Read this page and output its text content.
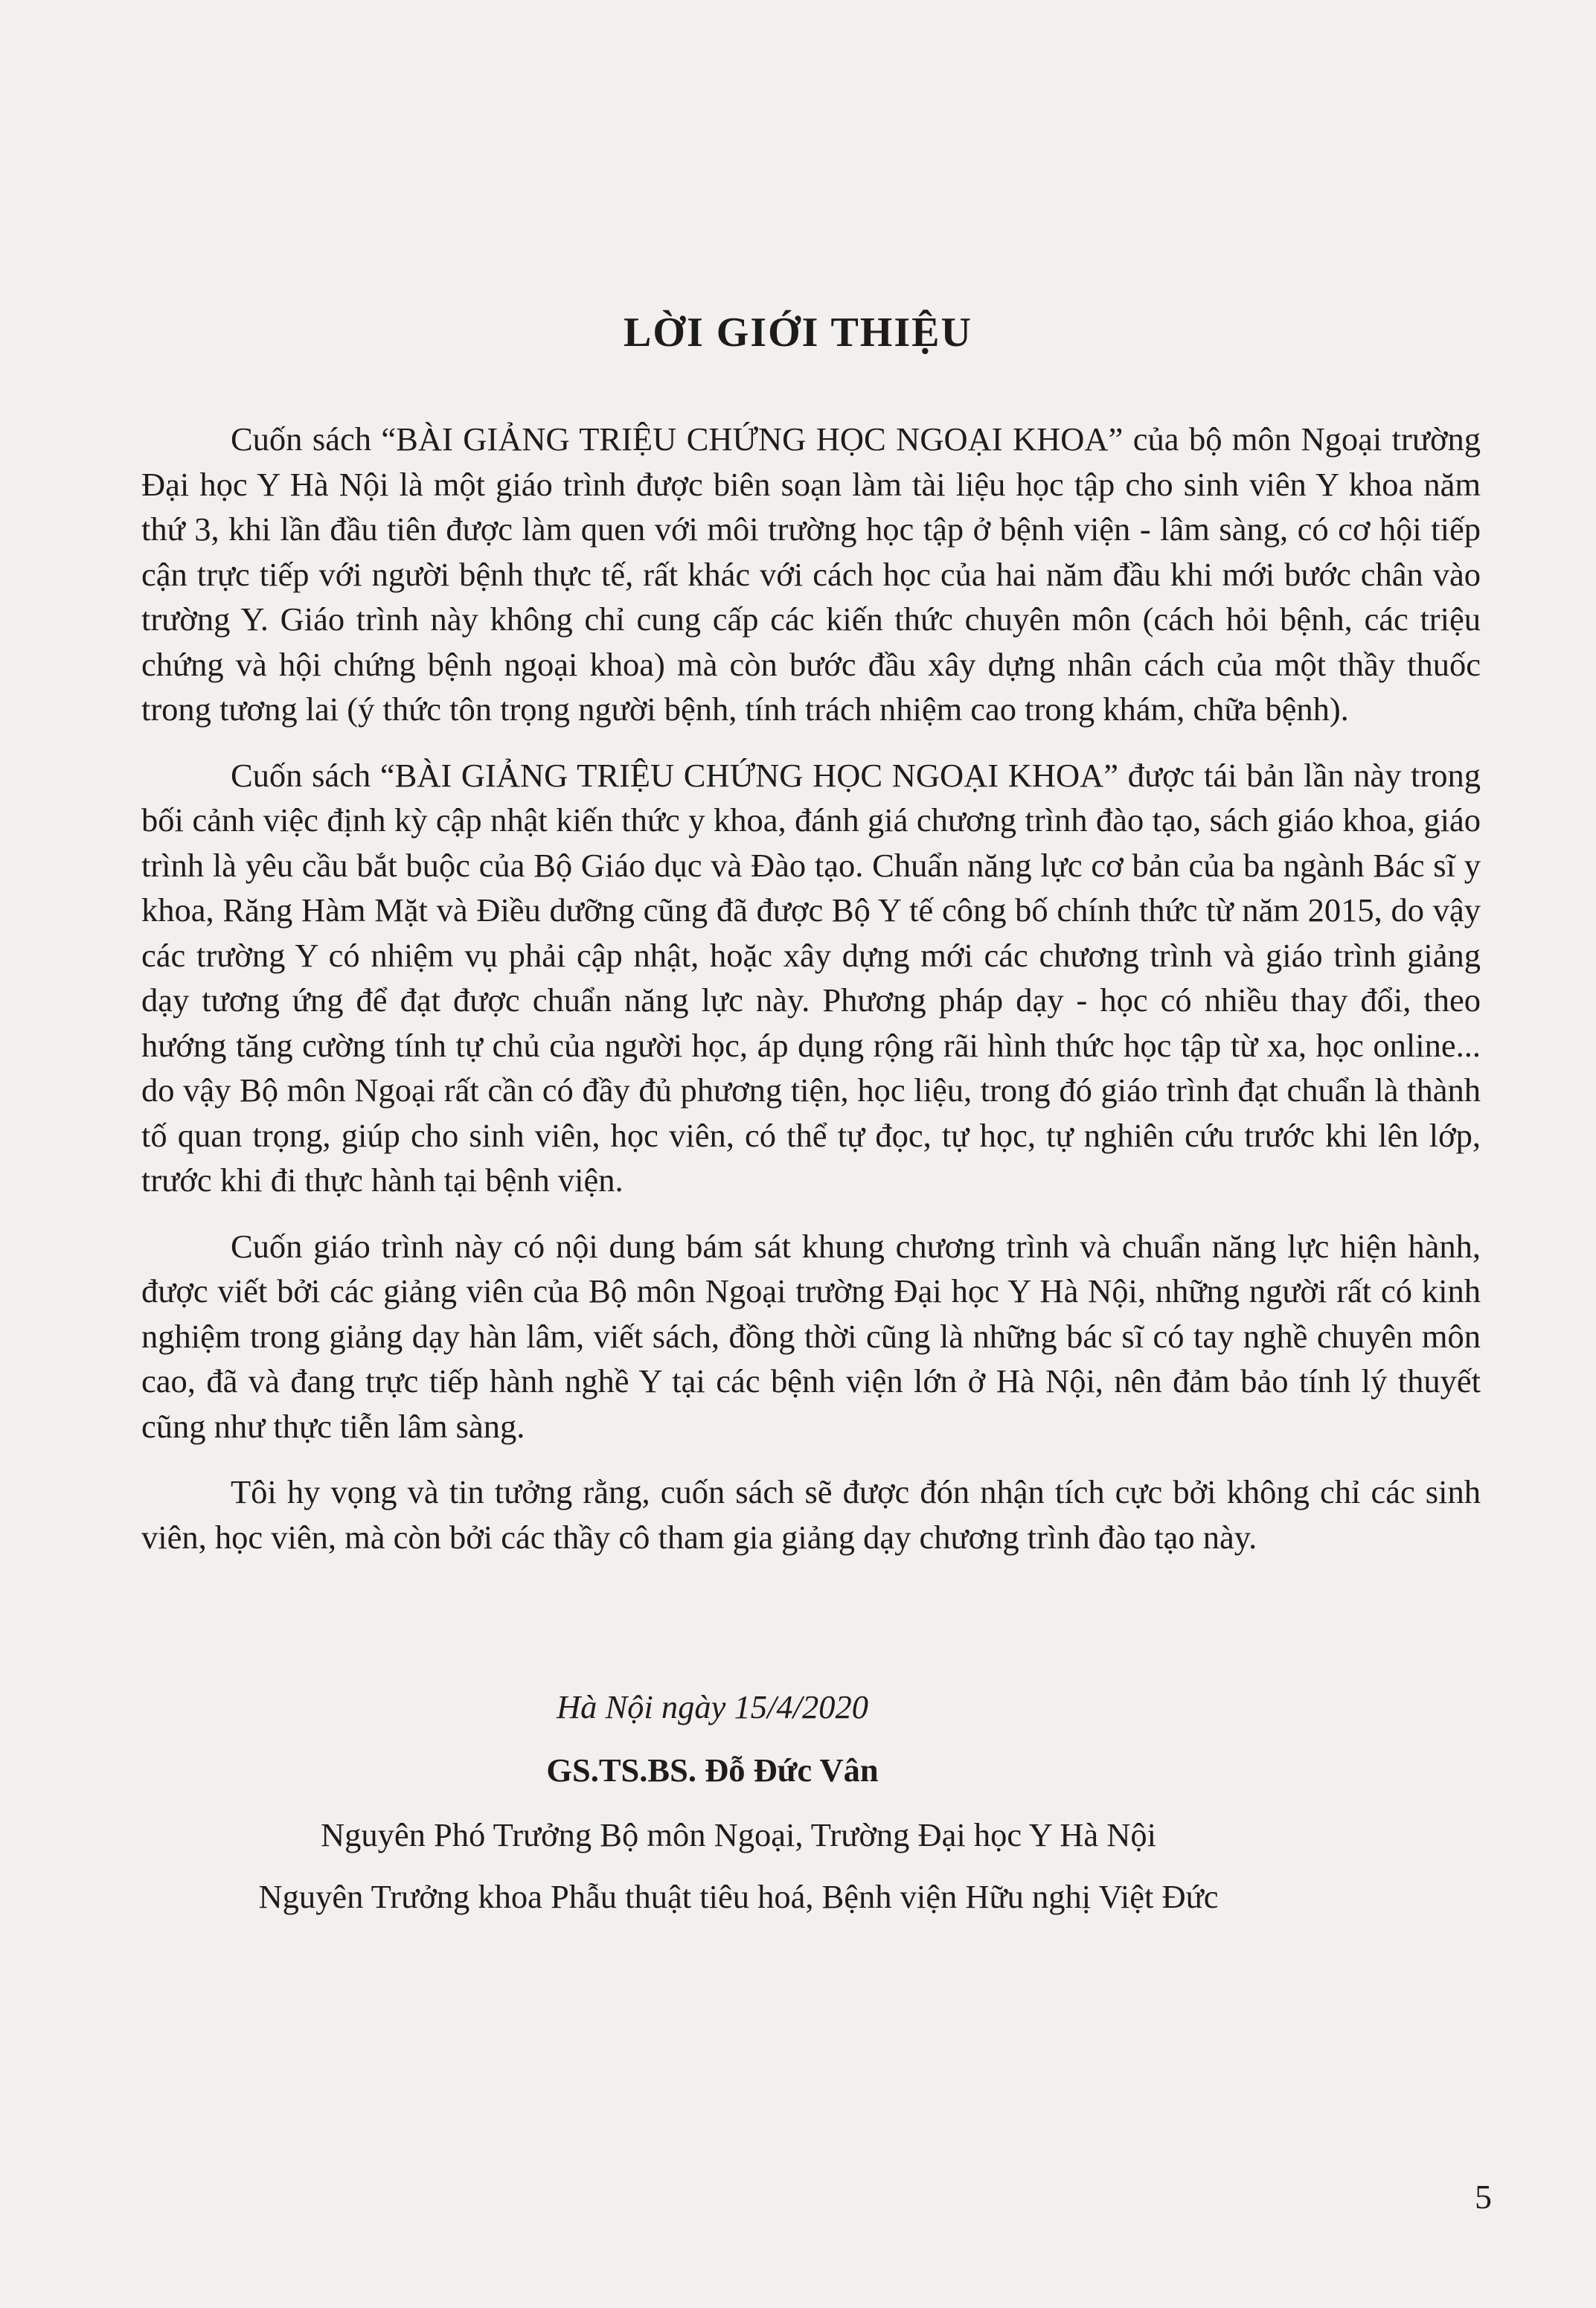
LỜI GIỚI THIỆU

Cuốn sách “BÀI GIẢNG TRIỆU CHỨNG HỌC NGOẠI KHOA” của bộ môn Ngoại trường Đại học Y Hà Nội là một giáo trình được biên soạn làm tài liệu học tập cho sinh viên Y khoa năm thứ 3, khi lần đầu tiên được làm quen với môi trường học tập ở bệnh viện - lâm sàng, có cơ hội tiếp cận trực tiếp với người bệnh thực tế, rất khác với cách học của hai năm đầu khi mới bước chân vào trường Y. Giáo trình này không chỉ cung cấp các kiến thức chuyên môn (cách hỏi bệnh, các triệu chứng và hội chứng bệnh ngoại khoa) mà còn bước đầu xây dựng nhân cách của một thầy thuốc trong tương lai (ý thức tôn trọng người bệnh, tính trách nhiệm cao trong khám, chữa bệnh).

Cuốn sách “BÀI GIẢNG TRIỆU CHỨNG HỌC NGOẠI KHOA” được tái bản lần này trong bối cảnh việc định kỳ cập nhật kiến thức y khoa, đánh giá chương trình đào tạo, sách giáo khoa, giáo trình là yêu cầu bắt buộc của Bộ Giáo dục và Đào tạo. Chuẩn năng lực cơ bản của ba ngành Bác sĩ y khoa, Răng Hàm Mặt và Điều dưỡng cũng đã được Bộ Y tế công bố chính thức từ năm 2015, do vậy các trường Y có nhiệm vụ phải cập nhật, hoặc xây dựng mới các chương trình và giáo trình giảng dạy tương ứng để đạt được chuẩn năng lực này. Phương pháp dạy - học có nhiều thay đổi, theo hướng tăng cường tính tự chủ của người học, áp dụng rộng rãi hình thức học tập từ xa, học online... do vậy Bộ môn Ngoại rất cần có đầy đủ phương tiện, học liệu, trong đó giáo trình đạt chuẩn là thành tố quan trọng, giúp cho sinh viên, học viên, có thể tự đọc, tự học, tự nghiên cứu trước khi lên lớp, trước khi đi thực hành tại bệnh viện.

Cuốn giáo trình này có nội dung bám sát khung chương trình và chuẩn năng lực hiện hành, được viết bởi các giảng viên của Bộ môn Ngoại trường Đại học Y Hà Nội, những người rất có kinh nghiệm trong giảng dạy hàn lâm, viết sách, đồng thời cũng là những bác sĩ có tay nghề chuyên môn cao, đã và đang trực tiếp hành nghề Y tại các bệnh viện lớn ở Hà Nội, nên đảm bảo tính lý thuyết cũng như thực tiễn lâm sàng.

Tôi hy vọng và tin tưởng rằng, cuốn sách sẽ được đón nhận tích cực bởi không chỉ các sinh viên, học viên, mà còn bởi các thầy cô tham gia giảng dạy chương trình đào tạo này.

Hà Nội ngày 15/4/2020

GS.TS.BS. Đỗ Đức Vân

Nguyên Phó Trưởng Bộ môn Ngoại, Trường Đại học Y Hà Nội

Nguyên Trưởng khoa Phẫu thuật tiêu hoá, Bệnh viện Hữu nghị Việt Đức

5
